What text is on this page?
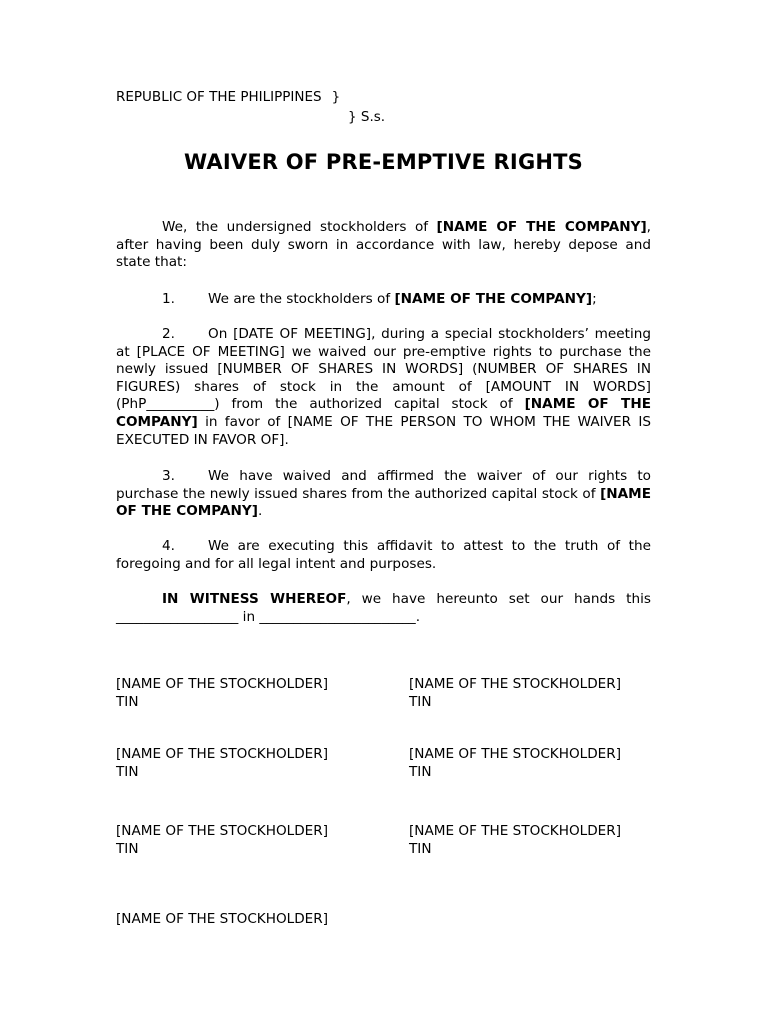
REPUBLIC OF THE PHILIPPINES }
} S.s.
WAIVER OF PRE-EMPTIVE RIGHTS
We, the undersigned stockholders of [NAME OF THE COMPANY], after having been duly sworn in accordance with law, hereby depose and state that:
1. We are the stockholders of [NAME OF THE COMPANY];
2. On [DATE OF MEETING], during a special stockholders’ meeting at [PLACE OF MEETING] we waived our pre-emptive rights to purchase the newly issued [NUMBER OF SHARES IN WORDS] (NUMBER OF SHARES IN FIGURES) shares of stock in the amount of [AMOUNT IN WORDS] (PhP__________) from the authorized capital stock of [NAME OF THE COMPANY] in favor of [NAME OF THE PERSON TO WHOM THE WAIVER IS EXECUTED IN FAVOR OF].
3. We have waived and affirmed the waiver of our rights to purchase the newly issued shares from the authorized capital stock of [NAME OF THE COMPANY].
4. We are executing this affidavit to attest to the truth of the foregoing and for all legal intent and purposes.
IN WITNESS WHEREOF, we have hereunto set our hands this __________________ in _______________________.
[NAME OF THE STOCKHOLDER]
TIN
[NAME OF THE STOCKHOLDER]
TIN
[NAME OF THE STOCKHOLDER]
TIN
[NAME OF THE STOCKHOLDER]
TIN
[NAME OF THE STOCKHOLDER]
TIN
[NAME OF THE STOCKHOLDER]
TIN
[NAME OF THE STOCKHOLDER]
